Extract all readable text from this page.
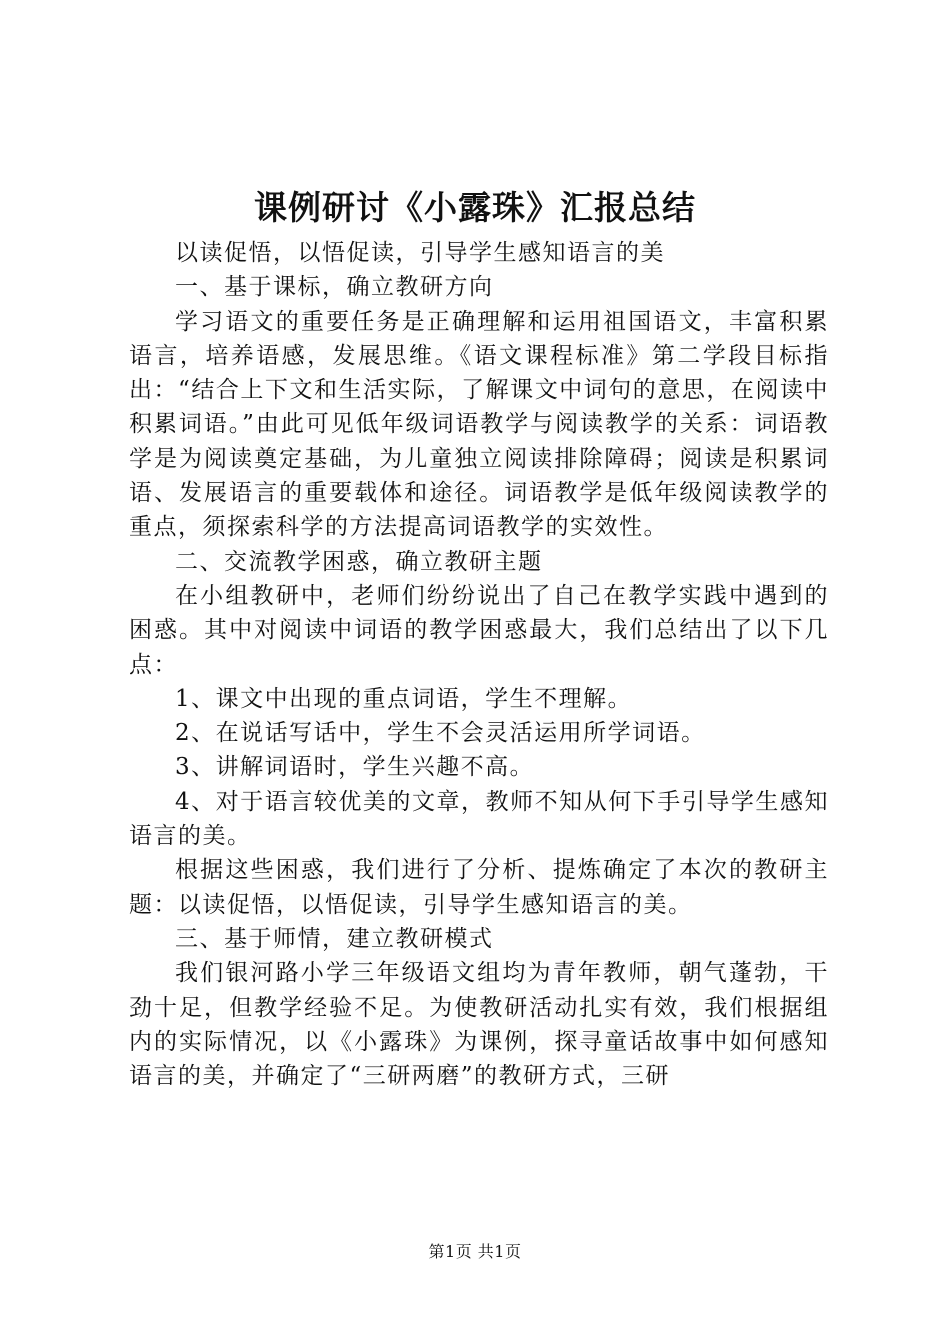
课例研讨《小露珠》汇报总结

以读促悟，以悟促读，引导学生感知语言的美

一、基于课标，确立教研方向

学习语文的重要任务是正确理解和运用祖国语文，丰富积累语言，培养语感，发展思维。《语文课程标准》第二学段目标指出：“结合上下文和生活实际，了解课文中词句的意思，在阅读中积累词语。”由此可见低年级词语教学与阅读教学的关系：词语教学是为阅读奠定基础，为儿童独立阅读排除障碍；阅读是积累词语、发展语言的重要载体和途径。词语教学是低年级阅读教学的重点，须探索科学的方法提高词语教学的实效性。

二、交流教学困惑，确立教研主题

在小组教研中，老师们纷纷说出了自己在教学实践中遇到的困惑。其中对阅读中词语的教学困惑最大，我们总结出了以下几点：

1、课文中出现的重点词语，学生不理解。

2、在说话写话中，学生不会灵活运用所学词语。

3、讲解词语时，学生兴趣不高。

4、对于语言较优美的文章，教师不知从何下手引导学生感知语言的美。

根据这些困惑，我们进行了分析、提炼确定了本次的教研主题：以读促悟，以悟促读，引导学生感知语言的美。

三、基于师情，建立教研模式

我们银河路小学三年级语文组均为青年教师，朝气蓬勃，干劲十足，但教学经验不足。为使教研活动扎实有效，我们根据组内的实际情况，以《小露珠》为课例，探寻童话故事中如何感知语言的美，并确定了“三研两磨”的教研方式，三研

第1页 共1页
